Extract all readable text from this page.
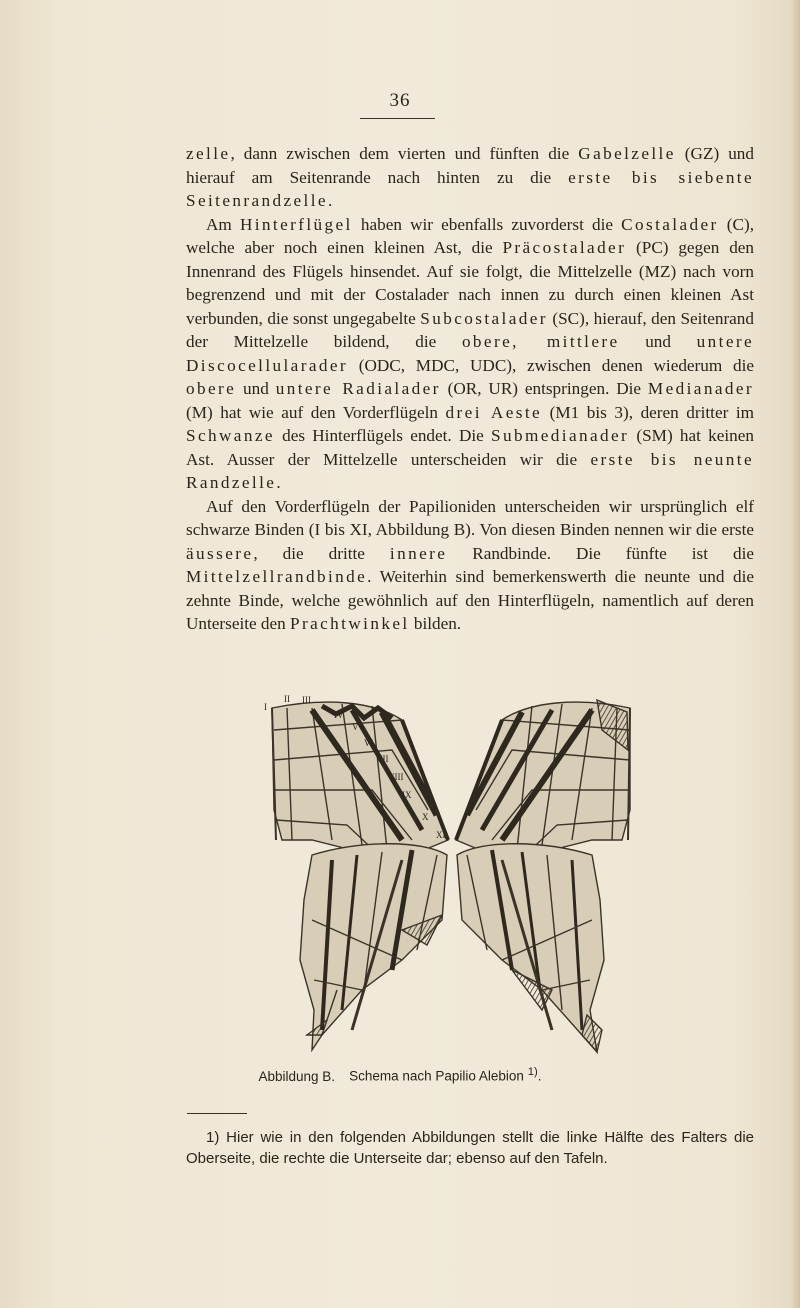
36

zelle, dann zwischen dem vierten und fünften die Gabelzelle (GZ) und hierauf am Seitenrande nach hinten zu die erste bis siebente Seitenrandzelle.

Am Hinterflügel haben wir ebenfalls zuvorderst die Costalader (C), welche aber noch einen kleinen Ast, die Präcostalader (PC) gegen den Innenrand des Flügels hinsendet. Auf sie folgt, die Mittelzelle (MZ) nach vorn begrenzend und mit der Costalader nach innen zu durch einen kleinen Ast verbunden, die sonst ungegabelte Subcostalader (SC), hierauf, den Seitenrand der Mittelzelle bildend, die obere, mittlere und untere Discocellularader (ODC, MDC, UDC), zwischen denen wiederum die obere und untere Radialader (OR, UR) entspringen. Die Medianader (M) hat wie auf den Vorderflügeln drei Aeste (M1 bis 3), deren dritter im Schwanze des Hinterflügels endet. Die Submedianader (SM) hat keinen Ast. Ausser der Mittelzelle unterscheiden wir die erste bis neunte Randzelle.

Auf den Vorderflügeln der Papilioniden unterscheiden wir ursprünglich elf schwarze Binden (I bis XI, Abbildung B). Von diesen Binden nennen wir die erste äussere, die dritte innere Randbinde. Die fünfte ist die Mittelzellrandbinde. Weiterhin sind bemerkenswerth die neunte und die zehnte Binde, welche gewöhnlich auf den Hinterflügeln, namentlich auf deren Unterseite den Prachtwinkel bilden.

I
II III
IV
V
VI
VII
VIII
IX
X
XI
Abbildung B. Schema nach Papilio Alebion $^{1)}$.
1) Hier wie in den folgenden Abbildungen stellt die linke Hälfte des Falters die Oberseite, die rechte die Unterseite dar; ebenso auf den Tafeln.
